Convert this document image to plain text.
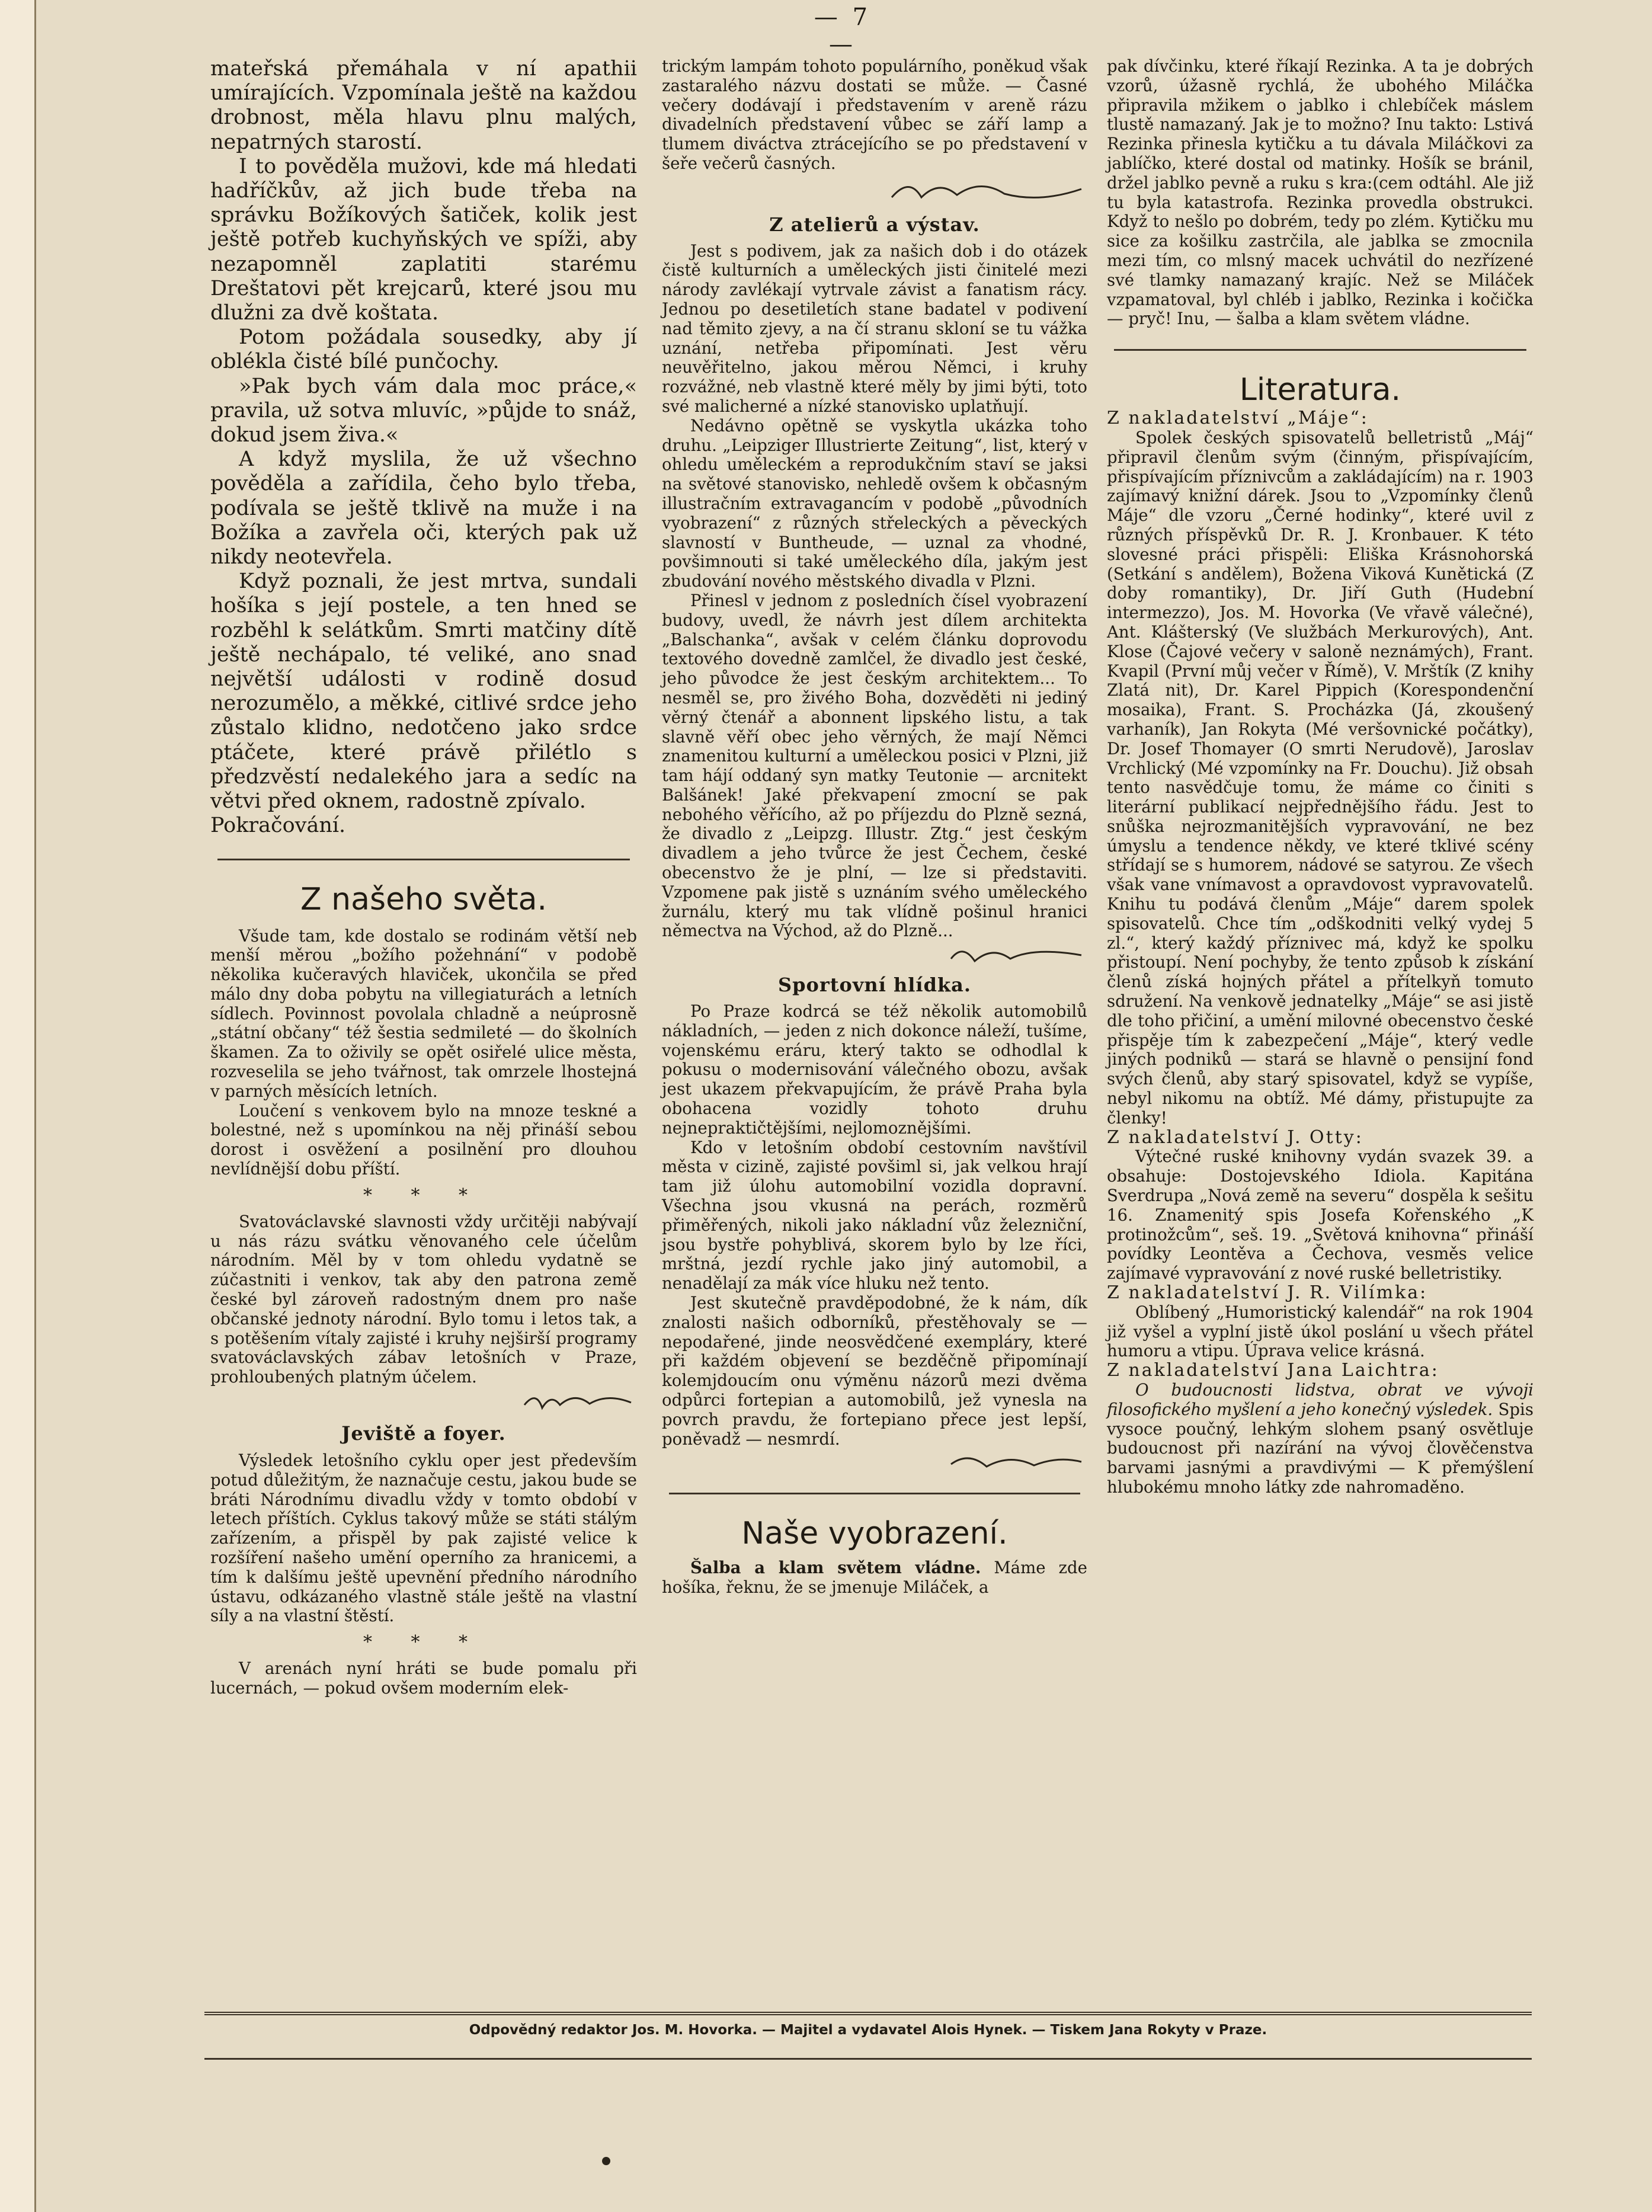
— 7 —

mateřská přemáhala v ní apathii umírajících. Vzpomínala ještě na každou drobnost, měla hlavu plnu malých, nepatrných starostí.

I to pověděla mužovi, kde má hledati hadříčkův, až jich bude třeba na správku Božíkových šatiček, kolik jest ještě potřeb kuchyňských ve spíži, aby nezapomněl zaplatiti starému Dreštatovi pět krejcarů, které jsou mu dlužni za dvě koštata.

Potom požádala sousedky, aby jí oblékla čisté bílé punčochy.

»Pak bych vám dala moc práce,« pravila, už sotva mluvíc, »půjde to snáž, dokud jsem živa.«

A když myslila, že už všechno pověděla a zařídila, čeho bylo třeba, podívala se ještě tklivě na muže i na Božíka a zavřela oči, kterých pak už nikdy neotevřela.

Když poznali, že jest mrtva, sundali hošíka s její postele, a ten hned se rozběhl k selátkům. Smrti matčiny dítě ještě nechápalo, té veliké, ano snad největší události v rodině dosud nerozumělo, a měkké, citlivé srdce jeho zůstalo klidno, nedotčeno jako srdce ptáčete, které právě přilétlo s předzvěstí nedalekého jara a sedíc na větvi před oknem, radostně zpívalo.

Pokračování.

Z našeho světa.

Všude tam, kde dostalo se rodinám větší neb menší měrou „božího požehnání“ v podobě několika kučeravých hlaviček, ukončila se před málo dny doba pobytu na villegiaturách a letních sídlech. Povinnost povolala chladně a neúprosně „státní občany“ též šestia sedmileté — do školních škamen. Za to oživily se opět osiřelé ulice města, rozveselila se jeho tvářnost, tak omrzele lhostejná v parných měsících letních.

Loučení s venkovem bylo na mnoze teskné a bolestné, než s upomínkou na něj přináší sebou dorost i osvěžení a posilnění pro dlouhou nevlídnější dobu příští.

* * *

Svatováclavské slavnosti vždy určitěji nabývají u nás rázu svátku věnovaného cele účelům národním. Měl by v tom ohledu vydatně se zúčastniti i venkov, tak aby den patrona země české byl zároveň radostným dnem pro naše občanské jednoty národní. Bylo tomu i letos tak, a s potěšením vítaly zajisté i kruhy nejširší programy svatováclavských zábav letošních v Praze, prohloubených platným účelem.

Jeviště a foyer.

Výsledek letošního cyklu oper jest především potud důležitým, že naznačuje cestu, jakou bude se bráti Národnímu divadlu vždy v tomto období v letech příštích. Cyklus takový může se státi stálým zařízením, a přispěl by pak zajisté velice k rozšíření našeho umění operního za hranicemi, a tím k dalšímu ještě upevnění předního národního ústavu, odkázaného vlastně stále ještě na vlastní síly a na vlastní štěstí.

* * *

V arenách nyní hráti se bude pomalu při lucernách, — pokud ovšem moderním elek-

trickým lampám tohoto populárního, poněkud však zastaralého názvu dostati se může. — Časné večery dodávají i představením v areně rázu divadelních představení vůbec se září lamp a tlumem diváctva ztrácejícího se po představení v šeře večerů časných.

Z atelierů a výstav.

Jest s podivem, jak za našich dob i do otázek čistě kulturních a uměleckých jisti činitelé mezi národy zavlékají vytrvale závist a fanatism rácy. Jednou po desetiletích stane badatel v podivení nad těmito zjevy, a na čí stranu skloní se tu vážka uznání, netřeba připomínati. Jest věru neuvěřitelno, jakou měrou Němci, i kruhy rozvážné, neb vlastně které měly by jimi býti, toto své malicherné a nízké stanovisko uplatňují.

Nedávno opětně se vyskytla ukázka toho druhu. „Leipziger Illustrierte Zeitung“, list, který v ohledu uměleckém a reprodukčním staví se jaksi na světové stanovisko, nehledě ovšem k občasným illustračním extravagancím v podobě „původních vyobrazení“ z různých střeleckých a pěveckých slavností v Buntheude, — uznal za vhodné, povšimnouti si také uměleckého díla, jakým jest zbudování nového městského divadla v Plzni.

Přinesl v jednom z posledních čísel vyobrazení budovy, uvedl, že návrh jest dílem architekta „Balschanka“, avšak v celém článku doprovodu textového dovedně zamlčel, že divadlo jest české, jeho původce že jest českým architektem... To nesměl se, pro živého Boha, dozvěděti ni jediný věrný čtenář a abonnent lipského listu, a tak slavně věří obec jeho věrných, že mají Němci znamenitou kulturní a uměleckou posici v Plzni, již tam hájí oddaný syn matky Teutonie — arcnitekt Balšánek! Jaké překvapení zmocní se pak nebohého věřícího, až po příjezdu do Plzně sezná, že divadlo z „Leipzg. Illustr. Ztg.“ jest českým divadlem a jeho tvůrce že jest Čechem, české obecenstvo že je plní, — lze si představiti. Vzpomene pak jistě s uznáním svého uměleckého žurnálu, který mu tak vlídně pošinul hranici němectva na Východ, až do Plzně...

Sportovní hlídka.

Po Praze kodrcá se též několik automobilů nákladních, — jeden z nich dokonce náleží, tušíme, vojenskému eráru, který takto se odhodlal k pokusu o modernisování válečného obozu, avšak jest ukazem překvapujícím, že právě Praha byla obohacena vozidly tohoto druhu nejnepraktičtějšími, nejlomoznějšími.

Kdo v letošním období cestovním navštívil města v cizině, zajisté povšiml si, jak velkou hrají tam již úlohu automobilní vozidla dopravní. Všechna jsou vkusná na perách, rozměrů přiměřených, nikoli jako nákladní vůz železniční, jsou bystře pohyblivá, skorem bylo by lze říci, mrštná, jezdí rychle jako jiný automobil, a nenadělají za mák více hluku než tento.

Jest skutečně pravděpodobné, že k nám, dík znalosti našich odborníků, přestěhovaly se — nepodařené, jinde neosvědčené exempláry, které při každém objevení se bezděčně připomínají kolemjdoucím onu výměnu názorů mezi dvěma odpůrci fortepian a automobilů, jež vynesla na povrch pravdu, že fortepiano přece jest lepší, poněvadž — nesmrdí.

Naše vyobrazení.

Šalba a klam světem vládne. Máme zde hošíka, řeknu, že se jmenuje Miláček, a

pak dívčinku, které říkají Rezinka. A ta je dobrých vzorů, úžasně rychlá, že ubohého Miláčka připravila mžikem o jablko i chlebíček máslem tlustě namazaný. Jak je to možno? Inu takto: Lstivá Rezinka přinesla kytičku a tu dávala Miláčkovi za jablíčko, které dostal od matinky. Hošík se bránil, držel jablko pevně a ruku s kra:(cem odtáhl. Ale již tu byla katastrofa. Rezinka provedla obstrukci. Když to nešlo po dobrém, tedy po zlém. Kytičku mu sice za košilku zastrčila, ale jablka se zmocnila mezi tím, co mlsný macek uchvátil do nezřízené své tlamky namazaný krajíc. Než se Miláček vzpamatoval, byl chléb i jablko, Rezinka i kočička — pryč! Inu, — šalba a klam světem vládne.

Literatura.

Z nakladatelství „Máje“:

Spolek českých spisovatelů belletristů „Máj“ připravil členům svým (činným, přispívajícím, přispívajícím příznivcům a zakládajícím) na r. 1903 zajímavý knižní dárek. Jsou to „Vzpomínky členů Máje“ dle vzoru „Černé hodinky“, které uvil z různých příspěvků Dr. R. J. Kronbauer. K této slovesné práci přispěli: Eliška Krásnohorská (Setkání s andělem), Božena Viková Kunětická (Z doby romantiky), Dr. Jiří Guth (Hudební intermezzo), Jos. M. Hovorka (Ve vřavě válečné), Ant. Klášterský (Ve službách Merkurových), Ant. Klose (Čajové večery v saloně neznámých), Frant. Kvapil (První můj večer v Římě), V. Mrštík (Z knihy Zlatá nit), Dr. Karel Pippich (Korespondenční mosaika), Frant. S. Procházka (Já, zkoušený varhaník), Jan Rokyta (Mé veršovnické počátky), Dr. Josef Thomayer (O smrti Nerudově), Jaroslav Vrchlický (Mé vzpomínky na Fr. Douchu). Již obsah tento nasvědčuje tomu, že máme co činiti s literární publikací nejpřednějšího řádu. Jest to snůška nejrozmanitějších vypravování, ne bez úmyslu a tendence někdy, ve které tklivé scény střídají se s humorem, nádové se satyrou. Ze všech však vane vnímavost a opravdovost vypravovatelů. Knihu tu podává členům „Máje“ darem spolek spisovatelů. Chce tím „odškodniti velký vydej 5 zl.“, který každý příznivec má, když ke spolku přistoupí. Není pochyby, že tento způsob k získání členů získá hojných přátel a přítelkyň tomuto sdružení. Na venkově jednatelky „Máje“ se asi jistě dle toho přičiní, a umění milovné obecenstvo české přispěje tím k zabezpečení „Máje“, který vedle jiných podniků — stará se hlavně o pensijní fond svých členů, aby starý spisovatel, když se vypíše, nebyl nikomu na obtíž. Mé dámy, přistupujte za členky!

Z nakladatelství J. Otty:

Výtečné ruské knihovny vydán svazek 39. a obsahuje: Dostojevského Idiola. Kapitána Sverdrupa „Nová země na severu“ dospěla k sešitu 16. Znamenitý spis Josefa Kořenského „K protinožcům“, seš. 19. „Světová knihovna“ přináší povídky Leontěva a Čechova, vesměs velice zajímavé vypravování z nové ruské belletristiky.

Z nakladatelství J. R. Vilímka:

Oblíbený „Humoristický kalendář“ na rok 1904 již vyšel a vyplní jistě úkol poslání u všech přátel humoru a vtipu. Úprava velice krásná.

Z nakladatelství Jana Laichtra:

O budoucnosti lidstva, obrat ve vývoji filosofického myšlení a jeho konečný výsledek. Spis vysoce poučný, lehkým slohem psaný osvětluje budoucnost při nazírání na vývoj člověčenstva barvami jasnými a pravdivými — K přemýšlení hlubokému mnoho látky zde nahromaděno.

Odpovědný redaktor Jos. M. Hovorka. — Majitel a vydavatel Alois Hynek. — Tiskem Jana Rokyty v Praze.
